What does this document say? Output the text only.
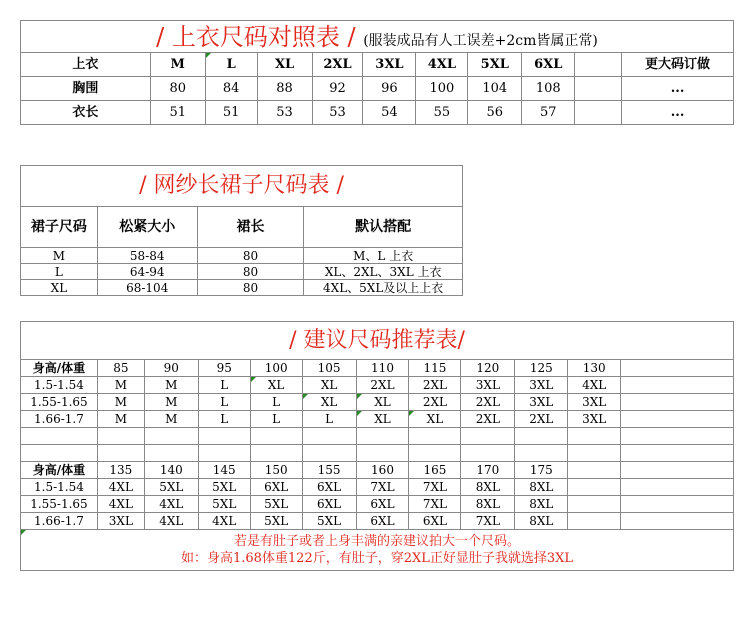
/ 上衣尺码对照表 / (服装成品有人工误差+2cm皆属正常)										
上衣	M	L	XL	2XL	3XL	4XL	5XL	6XL		更大码订做
胸围	80	84	88	92	96	100	104	108		...
衣长	51	51	53	53	54	55	56	57		...
/ 网纱长裙子尺码表 /			
裙子尺码	松紧大小	裙长	默认搭配
M	58-84	80	M、L 上衣
L	64-94	80	XL、2XL、3XL 上衣
XL	68-104	80	4XL、5XL及以上上衣
/ 建议尺码推荐表/											
身高/体重	85	90	95	100	105	110	115	120	125	130	
1.5-1.54	M	M	L	XL	XL	2XL	2XL	3XL	3XL	4XL	
1.55-1.65	M	M	L	L	XL	XL	2XL	2XL	3XL	3XL	
1.66-1.7	M	M	L	L	L	XL	XL	2XL	2XL	3XL	

身高/体重	135	140	145	150	155	160	165	170	175		
1.5-1.54	4XL	5XL	5XL	6XL	6XL	7XL	7XL	8XL	8XL		
1.55-1.65	4XL	4XL	5XL	5XL	6XL	6XL	7XL	8XL	8XL		
1.66-1.7	3XL	4XL	4XL	5XL	5XL	6XL	6XL	7XL	8XL		

若是有肚子或者上身丰满的亲建议拍大一个尺码。
如：身高1.68体重122斤，有肚子，穿2XL正好显肚子我就选择3XL											
